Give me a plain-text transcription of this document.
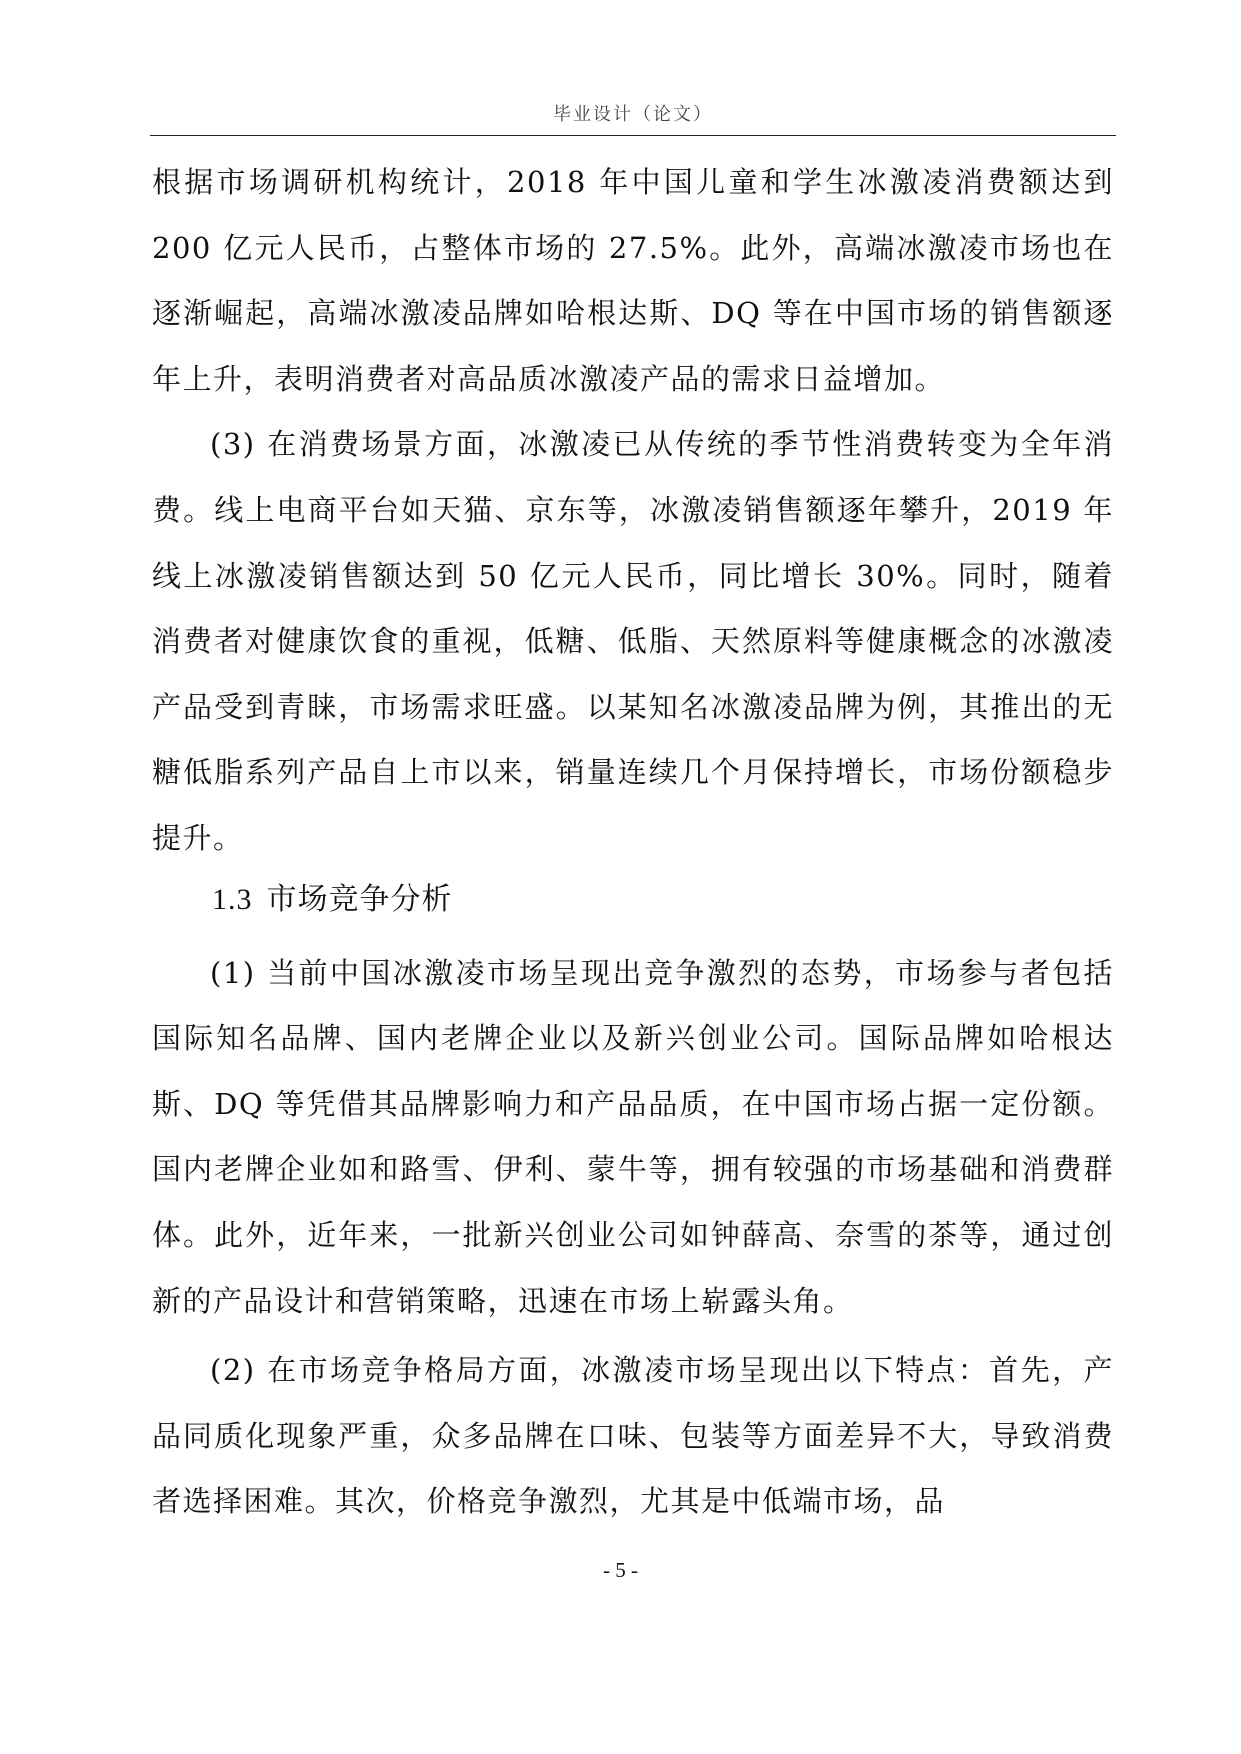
毕业设计（论文）

根据市场调研机构统计，2018 年中国儿童和学生冰激凌消费额达到 200 亿元人民币，占整体市场的 27.5%。此外，高端冰激凌市场也在逐渐崛起，高端冰激凌品牌如哈根达斯、DQ 等在中国市场的销售额逐年上升，表明消费者对高品质冰激凌产品的需求日益增加。

(3) 在消费场景方面，冰激凌已从传统的季节性消费转变为全年消费。线上电商平台如天猫、京东等，冰激凌销售额逐年攀升，2019 年线上冰激凌销售额达到 50 亿元人民币，同比增长 30%。同时，随着消费者对健康饮食的重视，低糖、低脂、天然原料等健康概念的冰激凌产品受到青睐，市场需求旺盛。以某知名冰激凌品牌为例，其推出的无糖低脂系列产品自上市以来，销量连续几个月保持增长，市场份额稳步提升。

1.3 市场竞争分析

(1) 当前中国冰激凌市场呈现出竞争激烈的态势，市场参与者包括国际知名品牌、国内老牌企业以及新兴创业公司。国际品牌如哈根达斯、DQ 等凭借其品牌影响力和产品品质，在中国市场占据一定份额。国内老牌企业如和路雪、伊利、蒙牛等，拥有较强的市场基础和消费群体。此外，近年来，一批新兴创业公司如钟薛高、奈雪的茶等，通过创新的产品设计和营销策略，迅速在市场上崭露头角。

(2) 在市场竞争格局方面，冰激凌市场呈现出以下特点：首先，产品同质化现象严重，众多品牌在口味、包装等方面差异不大，导致消费者选择困难。其次，价格竞争激烈，尤其是中低端市场，品

- 5 -
